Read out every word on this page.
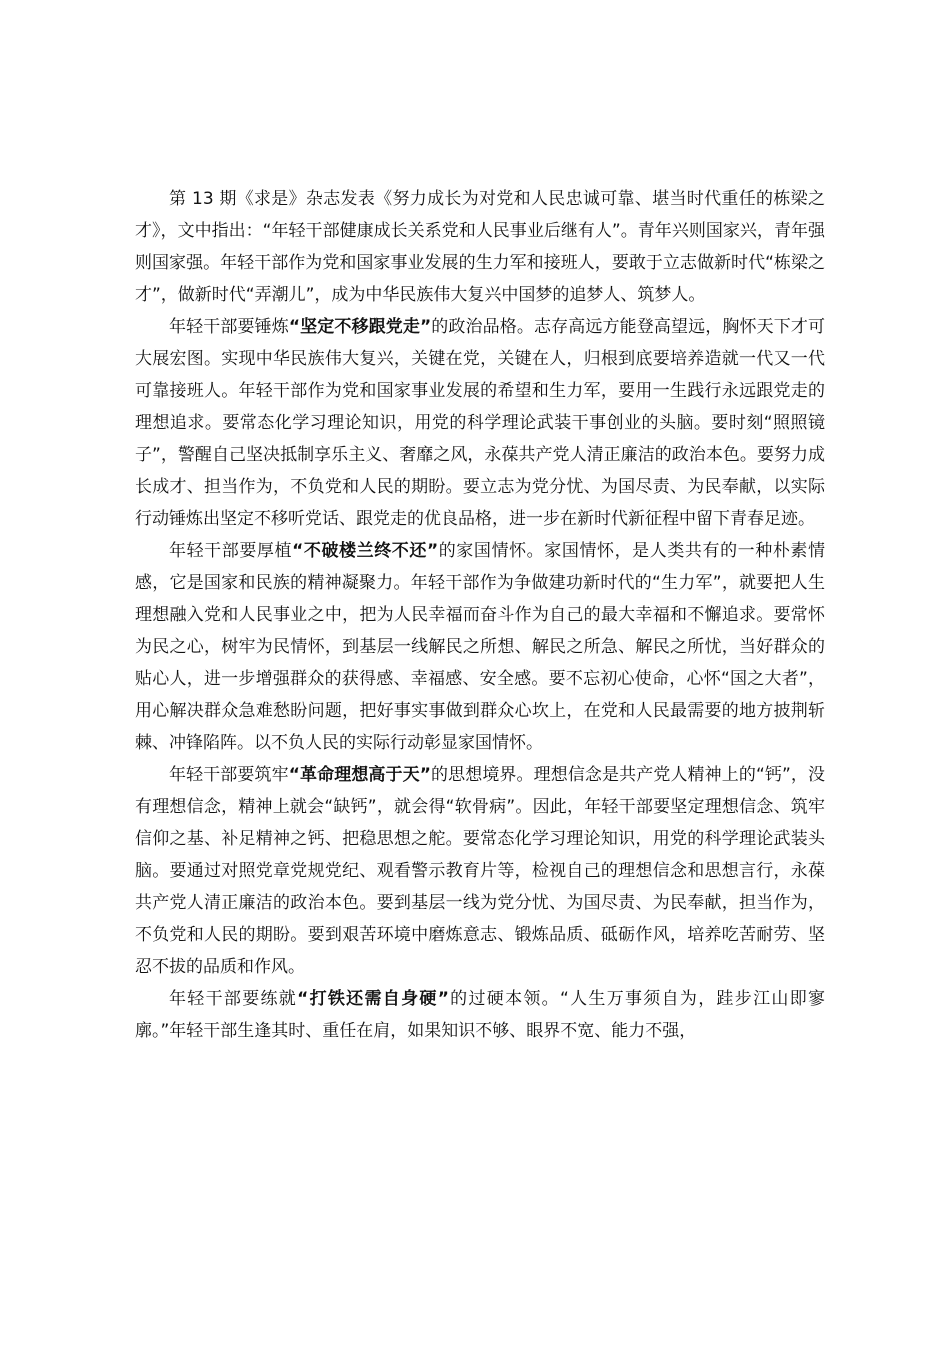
第 13 期《求是》杂志发表《努力成长为对党和人民忠诚可靠、堪当时代重任的栋梁之才》，文中指出：“年轻干部健康成长关系党和人民事业后继有人”。青年兴则国家兴，青年强则国家强。年轻干部作为党和国家事业发展的生力军和接班人，要敢于立志做新时代“栋梁之才”，做新时代“弄潮儿”，成为中华民族伟大复兴中国梦的追梦人、筑梦人。

年轻干部要锤炼“坚定不移跟党走”的政治品格。志存高远方能登高望远，胸怀天下才可大展宏图。实现中华民族伟大复兴，关键在党，关键在人，归根到底要培养造就一代又一代可靠接班人。年轻干部作为党和国家事业发展的希望和生力军，要用一生践行永远跟党走的理想追求。要常态化学习理论知识，用党的科学理论武装干事创业的头脑。要时刻“照照镜子”，警醒自己坚决抵制享乐主义、奢靡之风，永葆共产党人清正廉洁的政治本色。要努力成长成才、担当作为，不负党和人民的期盼。要立志为党分忧、为国尽责、为民奉献，以实际行动锤炼出坚定不移听党话、跟党走的优良品格，进一步在新时代新征程中留下青春足迹。

年轻干部要厚植“不破楼兰终不还”的家国情怀。家国情怀，是人类共有的一种朴素情感，它是国家和民族的精神凝聚力。年轻干部作为争做建功新时代的“生力军”，就要把人生理想融入党和人民事业之中，把为人民幸福而奋斗作为自己的最大幸福和不懈追求。要常怀为民之心，树牢为民情怀，到基层一线解民之所想、解民之所急、解民之所忧，当好群众的贴心人，进一步增强群众的获得感、幸福感、安全感。要不忘初心使命，心怀“国之大者”，用心解决群众急难愁盼问题，把好事实事做到群众心坎上，在党和人民最需要的地方披荆斩棘、冲锋陷阵。以不负人民的实际行动彰显家国情怀。

年轻干部要筑牢“革命理想高于天”的思想境界。理想信念是共产党人精神上的“钙”，没有理想信念，精神上就会“缺钙”，就会得“软骨病”。因此，年轻干部要坚定理想信念、筑牢信仰之基、补足精神之钙、把稳思想之舵。要常态化学习理论知识，用党的科学理论武装头脑。要通过对照党章党规党纪、观看警示教育片等，检视自己的理想信念和思想言行，永葆共产党人清正廉洁的政治本色。要到基层一线为党分忧、为国尽责、为民奉献，担当作为，不负党和人民的期盼。要到艰苦环境中磨炼意志、锻炼品质、砥砺作风，培养吃苦耐劳、坚忍不拔的品质和作风。

年轻干部要练就“打铁还需自身硬”的过硬本领。“人生万事须自为，跬步江山即寥廓。”年轻干部生逢其时、重任在肩，如果知识不够、眼界不宽、能力不强，
